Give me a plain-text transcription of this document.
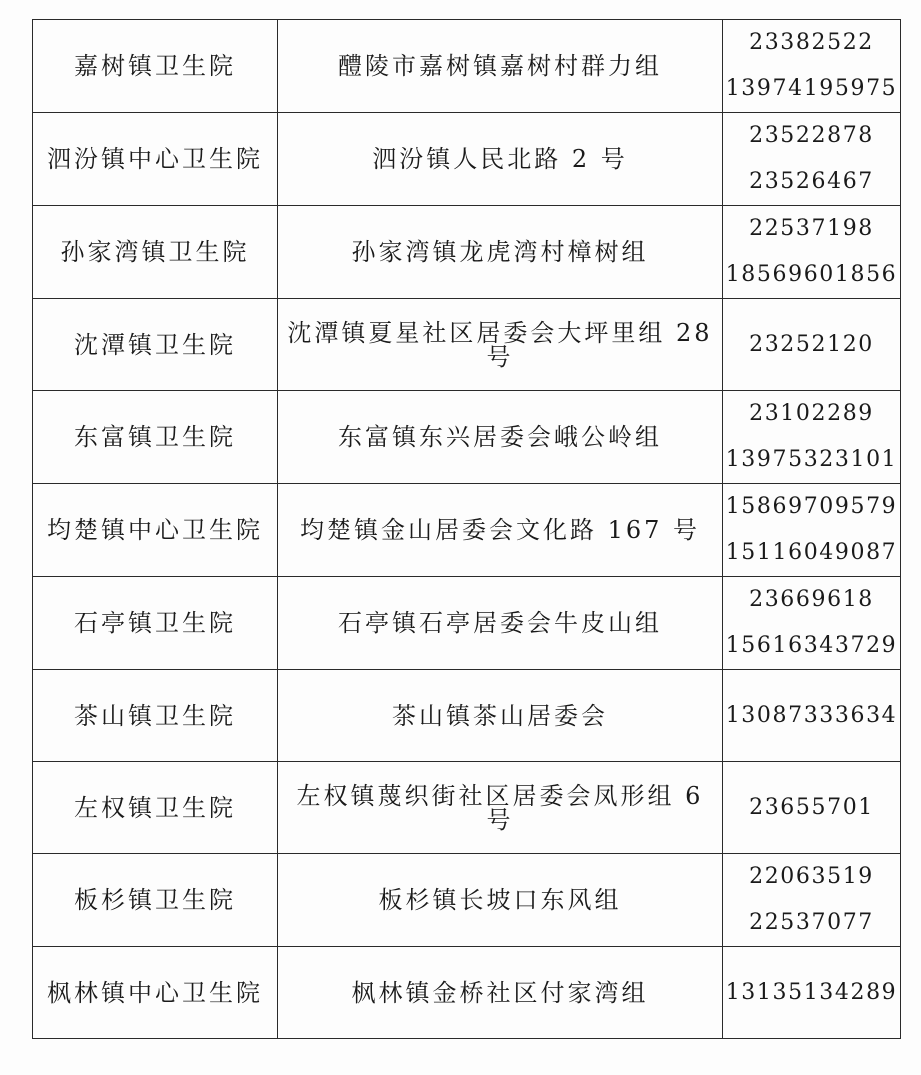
嘉树镇卫生院	醴陵市嘉树镇嘉树村群力组	23382522
13974195975

泗汾镇中心卫生院	泗汾镇人民北路 2 号	23522878
23526467

孙家湾镇卫生院	孙家湾镇龙虎湾村樟树组	22537198
18569601856

沈潭镇卫生院	沈潭镇夏星社区居委会大坪里组 28 号	23252120

东富镇卫生院	东富镇东兴居委会峨公岭组	23102289
13975323101

均楚镇中心卫生院	均楚镇金山居委会文化路 167 号	15869709579
15116049087

石亭镇卫生院	石亭镇石亭居委会牛皮山组	23669618
15616343729

茶山镇卫生院	茶山镇茶山居委会	13087333634

左权镇卫生院	左权镇蔑织街社区居委会凤形组 6 号	23655701

板杉镇卫生院	板杉镇长坡口东风组	22063519
22537077

枫林镇中心卫生院	枫林镇金桥社区付家湾组	13135134289
